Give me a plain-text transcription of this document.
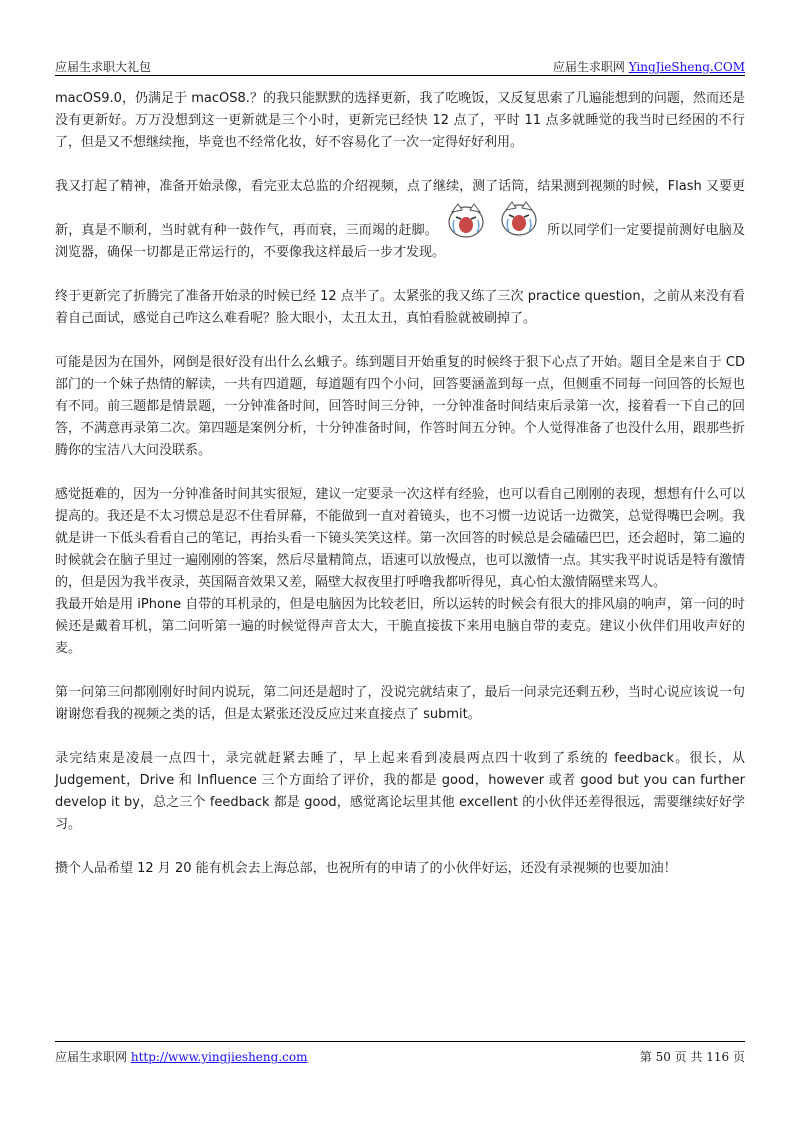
应届生求职大礼包	应届生求职网 YingJieSheng.COM

macOS9.0，仍满足于 macOS8.？的我只能默默的选择更新，我了吃晚饭，又反复思索了几遍能想到的问题，然而还是没有更新好。万万没想到这一更新就是三个小时，更新完已经快 12 点了，平时 11 点多就睡觉的我当时已经困的不行了，但是又不想继续拖，毕竟也不经常化妆，好不容易化了一次一定得好好利用。

我又打起了精神，准备开始录像，看完亚太总监的介绍视频，点了继续，测了话筒，结果测到视频的时候，Flash 又要更新，真是不顺利，当时就有种一鼓作气，再而衰，三而竭的赶脚。	所以同学们一定要提前测好电脑及浏览器，确保一切都是正常运行的，不要像我这样最后一步才发现。

终于更新完了折腾完了准备开始录的时候已经 12 点半了。太紧张的我又练了三次 practice question，之前从来没有看着自己面试，感觉自己咋这么难看呢？脸大眼小，太丑太丑，真怕看脸就被刷掉了。

可能是因为在国外，网倒是很好没有出什么幺蛾子。练到题目开始重复的时候终于狠下心点了开始。题目全是来自于 CD 部门的一个妹子热情的解读，一共有四道题，每道题有四个小问，回答要涵盖到每一点，但侧重不同每一问回答的长短也有不同。前三题都是情景题，一分钟准备时间，回答时间三分钟，一分钟准备时间结束后录第一次，接着看一下自己的回答，不满意再录第二次。第四题是案例分析，十分钟准备时间，作答时间五分钟。个人觉得准备了也没什么用，跟那些折腾你的宝洁八大问没联系。

感觉挺难的，因为一分钟准备时间其实很短，建议一定要录一次这样有经验，也可以看自己刚刚的表现，想想有什么可以提高的。我还是不太习惯总是忍不住看屏幕，不能做到一直对着镜头，也不习惯一边说话一边微笑，总觉得嘴巴会咧。我就是讲一下低头看看自己的笔记，再抬头看一下镜头笑笑这样。第一次回答的时候总是会磕磕巴巴，还会超时，第二遍的时候就会在脑子里过一遍刚刚的答案，然后尽量精简点，语速可以放慢点，也可以激情一点。其实我平时说话是特有激情的，但是因为我半夜录，英国隔音效果又差，隔壁大叔夜里打呼噜我都听得见，真心怕太激情隔壁来骂人。

我最开始是用 iPhone 自带的耳机录的，但是电脑因为比较老旧，所以运转的时候会有很大的排风扇的响声，第一问的时候还是戴着耳机，第二问听第一遍的时候觉得声音太大，干脆直接拔下来用电脑自带的麦克。建议小伙伴们用收声好的麦。

第一问第三问都刚刚好时间内说玩，第二问还是超时了，没说完就结束了，最后一问录完还剩五秒，当时心说应该说一句谢谢您看我的视频之类的话，但是太紧张还没反应过来直接点了 submit。

录完结束是凌晨一点四十，录完就赶紧去睡了，早上起来看到凌晨两点四十收到了系统的 feedback。很长，从 Judgement，Drive 和 Influence 三个方面给了评价，我的都是 good，however 或者 good but you can further develop it by，总之三个 feedback 都是 good，感觉离论坛里其他 excellent 的小伙伴还差得很远，需要继续好好学习。

攒个人品希望 12 月 20 能有机会去上海总部，也祝所有的申请了的小伙伴好运，还没有录视频的也要加油！

应届生求职网 http://www.yingjiesheng.com	第 50 页 共 116 页
